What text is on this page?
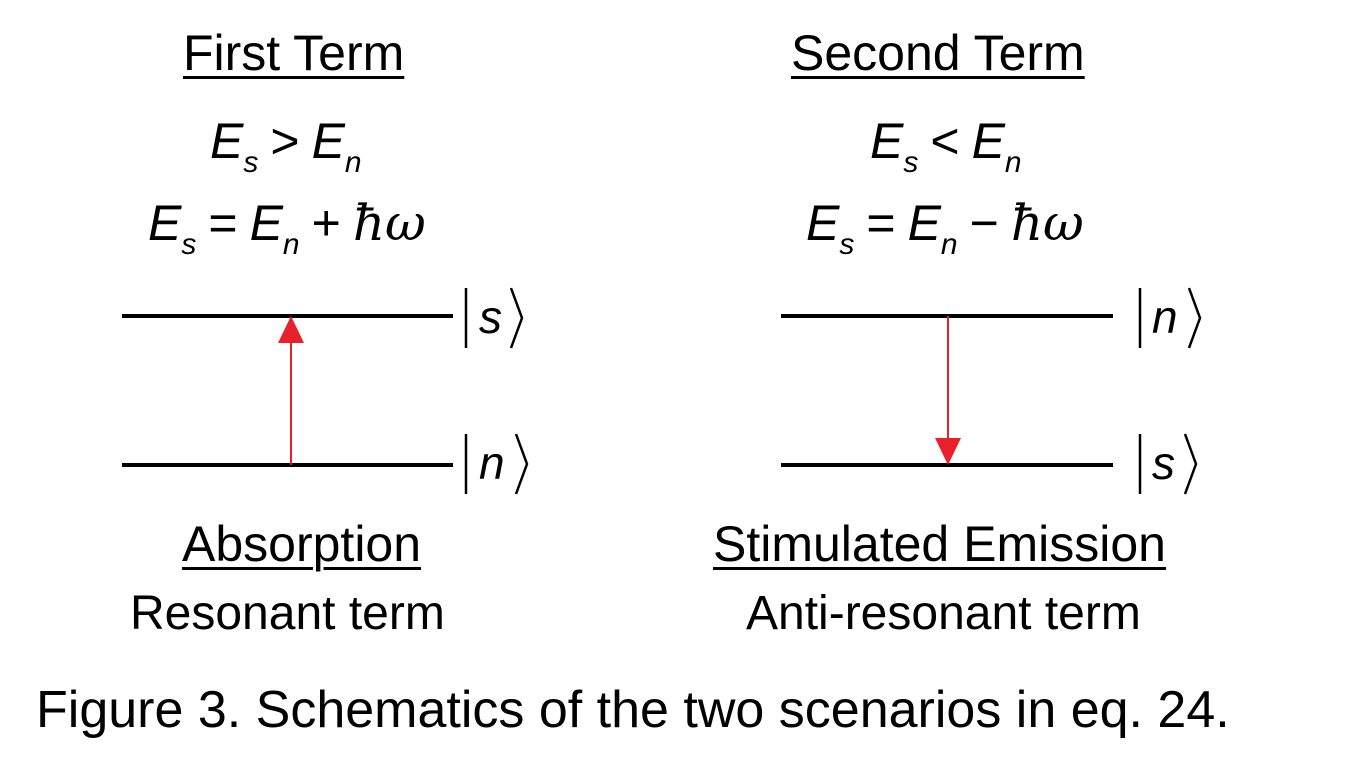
First Term
$E_s > E_n$
$E_s = E_n$ + ħω
Absorption
Resonant term
Second Term
$E_s < E_n$
$E_s = E_n$ − ħω
Stimulated Emission
Anti-resonant term
Figure 3. Schematics of the two scenarios in eq. 24.
s
n
n
s
